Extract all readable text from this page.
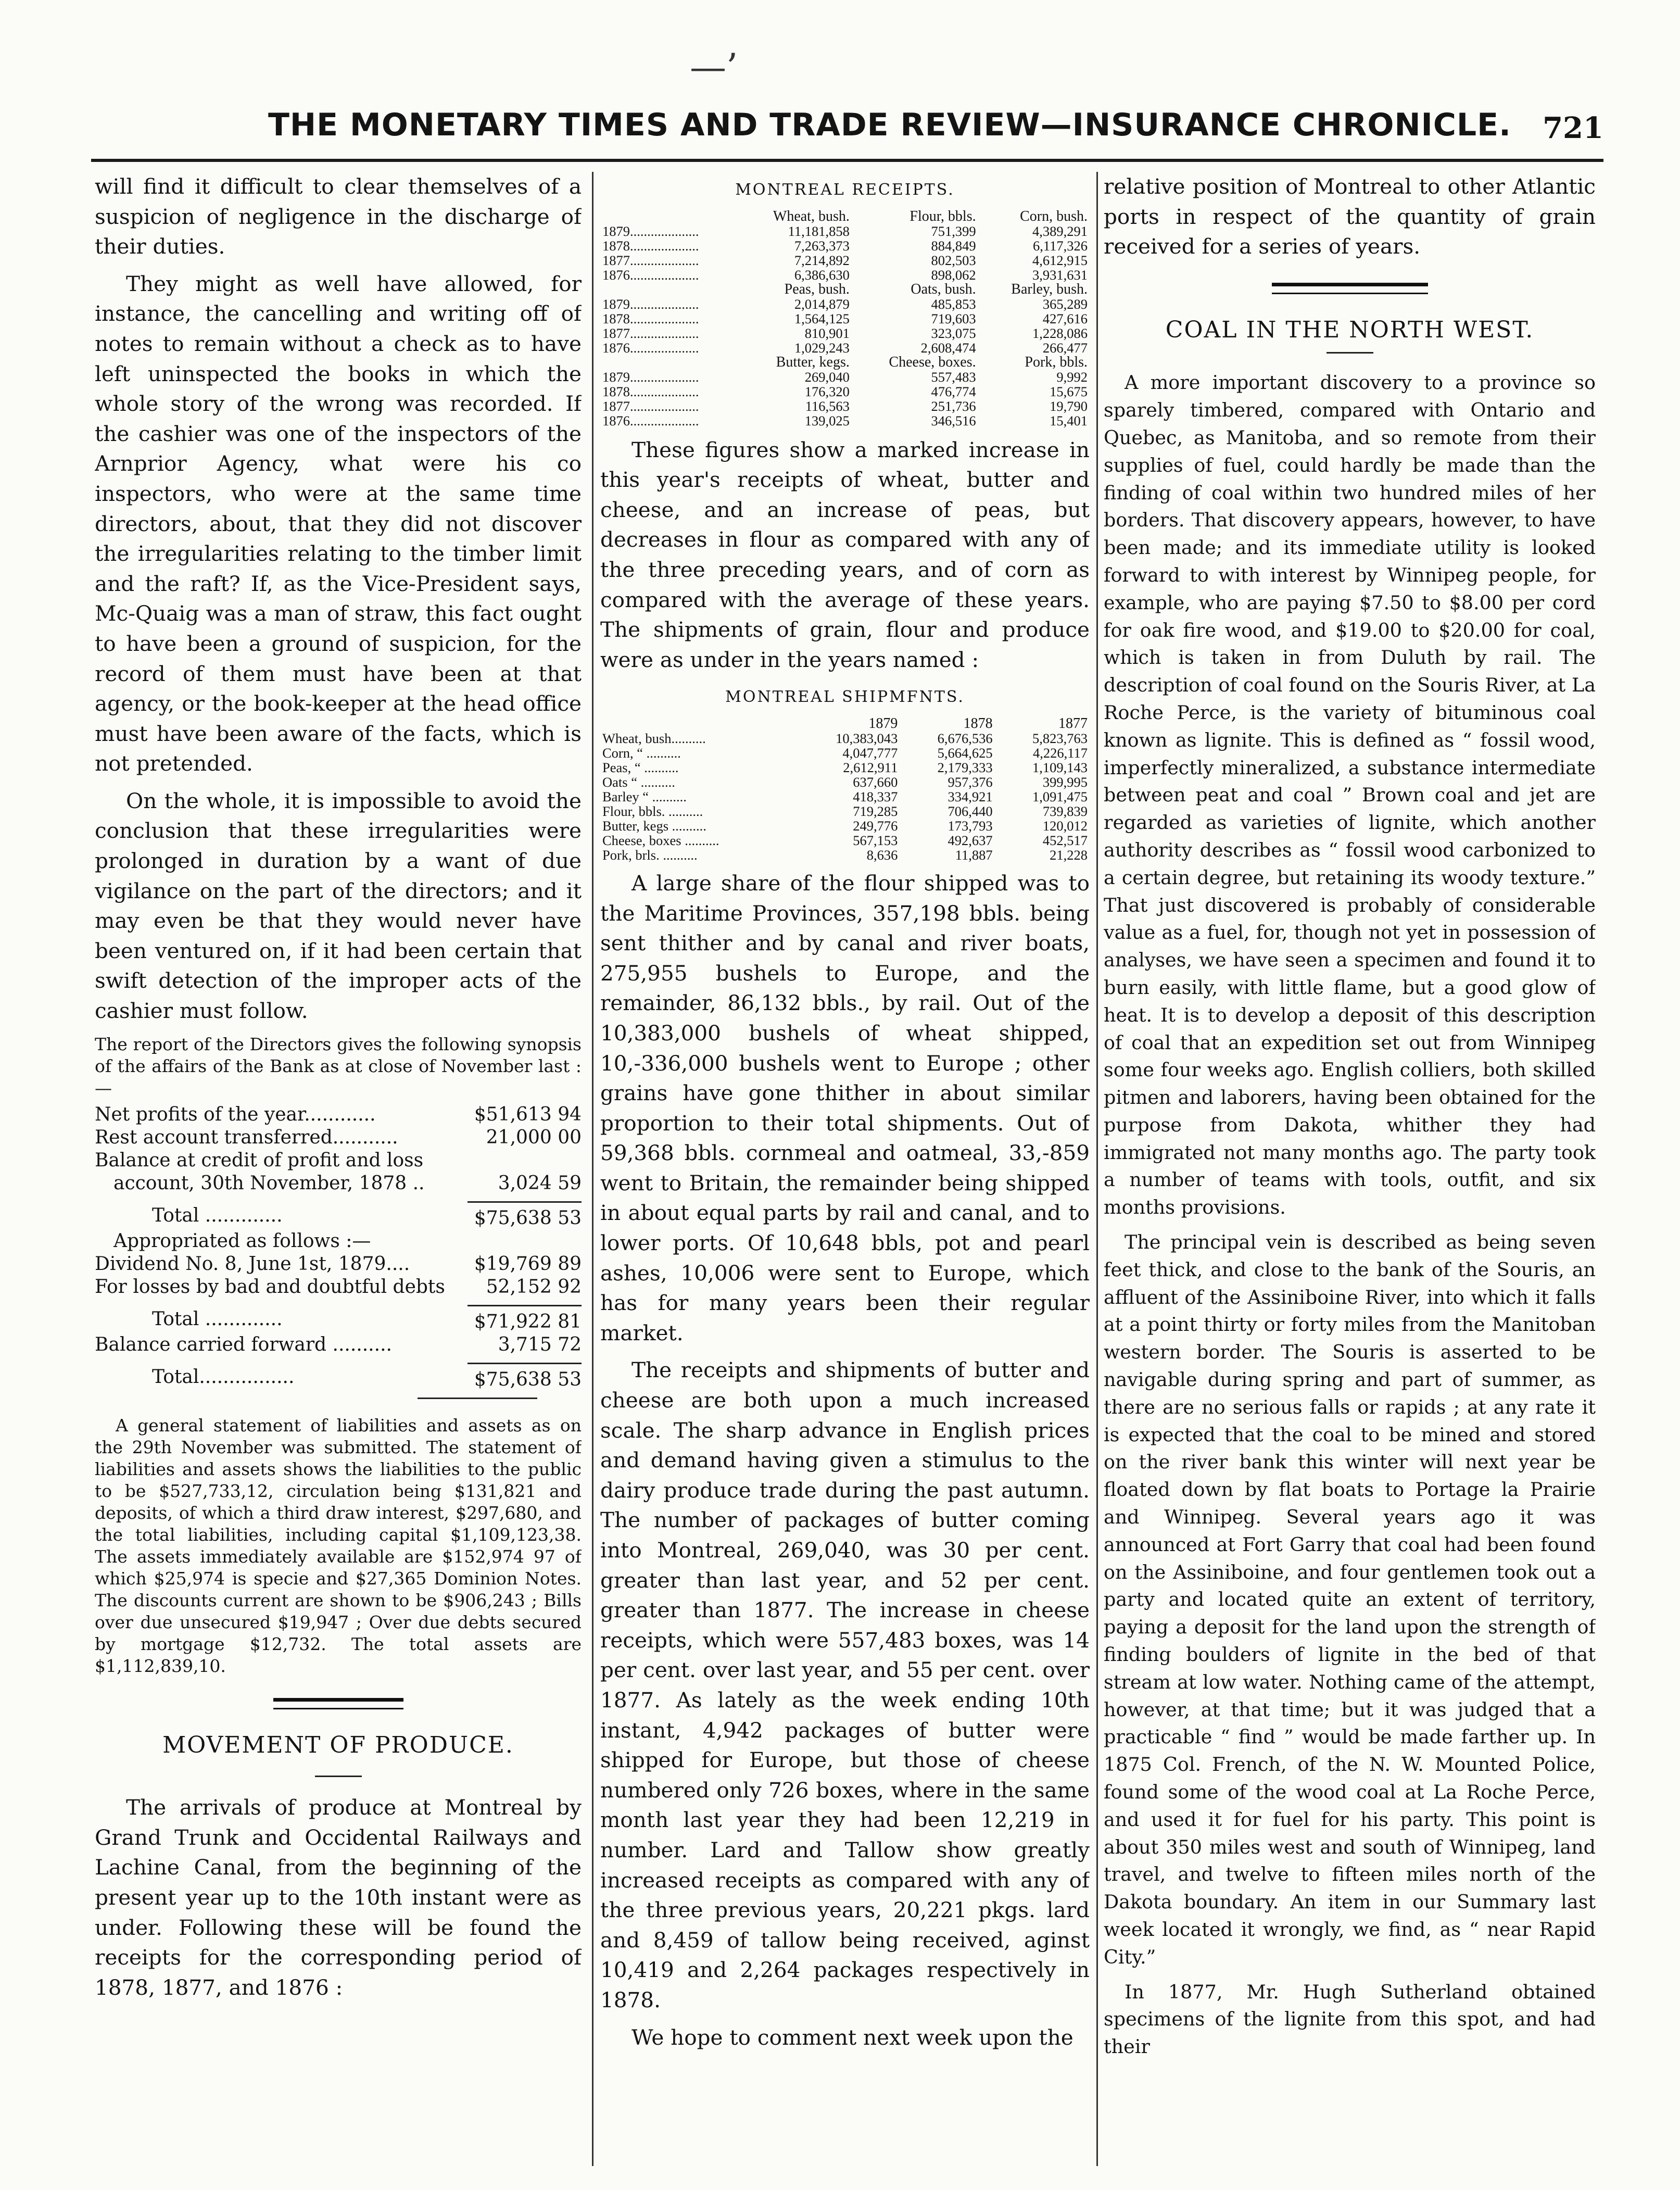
—’
THE MONETARY TIMES AND TRADE REVIEW—INSURANCE CHRONICLE. 721

will find it difficult to clear themselves of a suspicion of negligence in the discharge of their duties.

They might as well have allowed, for instance, the cancelling and writing off of notes to remain without a check as to have left uninspected the books in which the whole story of the wrong was recorded. If the cashier was one of the inspectors of the Arnprior Agency, what were his co inspectors, who were at the same time directors, about, that they did not discover the irregularities relating to the timber limit and the raft? If, as the Vice-President says, Mc-Quaig was a man of straw, this fact ought to have been a ground of suspicion, for the record of them must have been at that agency, or the book-keeper at the head office must have been aware of the facts, which is not pretended.

On the whole, it is impossible to avoid the conclusion that these irregularities were prolonged in duration by a want of due vigilance on the part of the directors; and it may even be that they would never have been ventured on, if it had been certain that swift detection of the improper acts of the cashier must follow.

The report of the Directors gives the following synopsis of the affairs of the Bank as at close of November last :—

Net profits of the year............	$51,613 94
Rest account transferred...........	21,000 00
Balance at credit of profit and loss	
account, 30th November, 1878 ..	3,024 59
Total .............	$75,638 53
Appropriated as follows :—	
Dividend No. 8, June 1st, 1879....	$19,769 89
For losses by bad and doubtful debts	52,152 92
Total .............	$71,922 81
Balance carried forward ..........	3,715 72
Total................	$75,638 53

A general statement of liabilities and assets as on the 29th November was submitted. The statement of liabilities and assets shows the liabilities to the public to be $527,733,12, circulation being $131,821 and deposits, of which a third draw interest, $297,680, and the total liabilities, including capital $1,109,123,38. The assets immediately available are $152,974 97 of which $25,974 is specie and $27,365 Dominion Notes. The discounts current are shown to be $906,243 ; Bills over due unsecured $19,947 ; Over due debts secured by mortgage $12,732. The total assets are $1,112,839,10.

MOVEMENT OF PRODUCE.

The arrivals of produce at Montreal by Grand Trunk and Occidental Railways and Lachine Canal, from the beginning of the present year up to the 10th instant were as under. Following these will be found the receipts for the corresponding period of 1878, 1877, and 1876 :

MONTREAL RECEIPTS.
	Wheat, bush.	Flour, bbls.	Corn, bush.
1879....................	11,181,858	751,399	4,389,291
1878....................	7,263,373	884,849	6,117,326
1877....................	7,214,892	802,503	4,612,915
1876....................	6,386,630	898,062	3,931,631
	Peas, bush.	Oats, bush.	Barley, bush.
1879....................	2,014,879	485,853	365,289
1878....................	1,564,125	719,603	427,616
1877....................	810,901	323,075	1,228,086
1876....................	1,029,243	2,608,474	266,477
	Butter, kegs.	Cheese, boxes.	Pork, bbls.
1879....................	269,040	557,483	9,992
1878....................	176,320	476,774	15,675
1877....................	116,563	251,736	19,790
1876....................	139,025	346,516	15,401

These figures show a marked increase in this year's receipts of wheat, butter and cheese, and an increase of peas, but decreases in flour as compared with any of the three preceding years, and of corn as compared with the average of these years. The shipments of grain, flour and produce were as under in the years named :

MONTREAL SHIPMFNTS.
	1879	1878	1877
Wheat, bush..........	10,383,043	6,676,536	5,823,763
Corn, “ ..........	4,047,777	5,664,625	4,226,117
Peas, “ ..........	2,612,911	2,179,333	1,109,143
Oats “ ..........	637,660	957,376	399,995
Barley “ ..........	418,337	334,921	1,091,475
Flour, bbls. ..........	719,285	706,440	739,839
Butter, kegs ..........	249,776	173,793	120,012
Cheese, boxes ..........	567,153	492,637	452,517
Pork, brls. ..........	8,636	11,887	21,228

A large share of the flour shipped was to the Maritime Provinces, 357,198 bbls. being sent thither and by canal and river boats, 275,955 bushels to Europe, and the remainder, 86,132 bbls., by rail. Out of the 10,383,000 bushels of wheat shipped, 10,-336,000 bushels went to Europe ; other grains have gone thither in about similar proportion to their total shipments. Out of 59,368 bbls. cornmeal and oatmeal, 33,-859 went to Britain, the remainder being shipped in about equal parts by rail and canal, and to lower ports. Of 10,648 bbls, pot and pearl ashes, 10,006 were sent to Europe, which has for many years been their regular market.

The receipts and shipments of butter and cheese are both upon a much increased scale. The sharp advance in English prices and demand having given a stimulus to the dairy produce trade during the past autumn. The number of packages of butter coming into Montreal, 269,040, was 30 per cent. greater than last year, and 52 per cent. greater than 1877. The increase in cheese receipts, which were 557,483 boxes, was 14 per cent. over last year, and 55 per cent. over 1877. As lately as the week ending 10th instant, 4,942 packages of butter were shipped for Europe, but those of cheese numbered only 726 boxes, where in the same month last year they had been 12,219 in number. Lard and Tallow show greatly increased receipts as compared with any of the three previous years, 20,221 pkgs. lard and 8,459 of tallow being received, aginst 10,419 and 2,264 packages respectively in 1878.

We hope to comment next week upon the

relative position of Montreal to other Atlantic ports in respect of the quantity of grain received for a series of years.

COAL IN THE NORTH WEST.

A more important discovery to a province so sparely timbered, compared with Ontario and Quebec, as Manitoba, and so remote from their supplies of fuel, could hardly be made than the finding of coal within two hundred miles of her borders. That discovery appears, however, to have been made; and its immediate utility is looked forward to with interest by Winnipeg people, for example, who are paying $7.50 to $8.00 per cord for oak fire wood, and $19.00 to $20.00 for coal, which is taken in from Duluth by rail. The description of coal found on the Souris River, at La Roche Perce, is the variety of bituminous coal known as lignite. This is defined as “ fossil wood, imperfectly mineralized, a substance intermediate between peat and coal ” Brown coal and jet are regarded as varieties of lignite, which another authority describes as “ fossil wood carbonized to a certain degree, but retaining its woody texture.” That just discovered is probably of considerable value as a fuel, for, though not yet in possession of analyses, we have seen a specimen and found it to burn easily, with little flame, but a good glow of heat. It is to develop a deposit of this description of coal that an expedition set out from Winnipeg some four weeks ago. English colliers, both skilled pitmen and laborers, having been obtained for the purpose from Dakota, whither they had immigrated not many months ago. The party took a number of teams with tools, outfit, and six months provisions.

The principal vein is described as being seven feet thick, and close to the bank of the Souris, an affluent of the Assiniboine River, into which it falls at a point thirty or forty miles from the Manitoban western border. The Souris is asserted to be navigable during spring and part of summer, as there are no serious falls or rapids ; at any rate it is expected that the coal to be mined and stored on the river bank this winter will next year be floated down by flat boats to Portage la Prairie and Winnipeg. Several years ago it was announced at Fort Garry that coal had been found on the Assiniboine, and four gentlemen took out a party and located quite an extent of territory, paying a deposit for the land upon the strength of finding boulders of lignite in the bed of that stream at low water. Nothing came of the attempt, however, at that time; but it was judged that a practicable “ find ” would be made farther up. In 1875 Col. French, of the N. W. Mounted Police, found some of the wood coal at La Roche Perce, and used it for fuel for his party. This point is about 350 miles west and south of Winnipeg, land travel, and twelve to fifteen miles north of the Dakota boundary. An item in our Summary last week located it wrongly, we find, as “ near Rapid City.”

In 1877, Mr. Hugh Sutherland obtained specimens of the lignite from this spot, and had their
